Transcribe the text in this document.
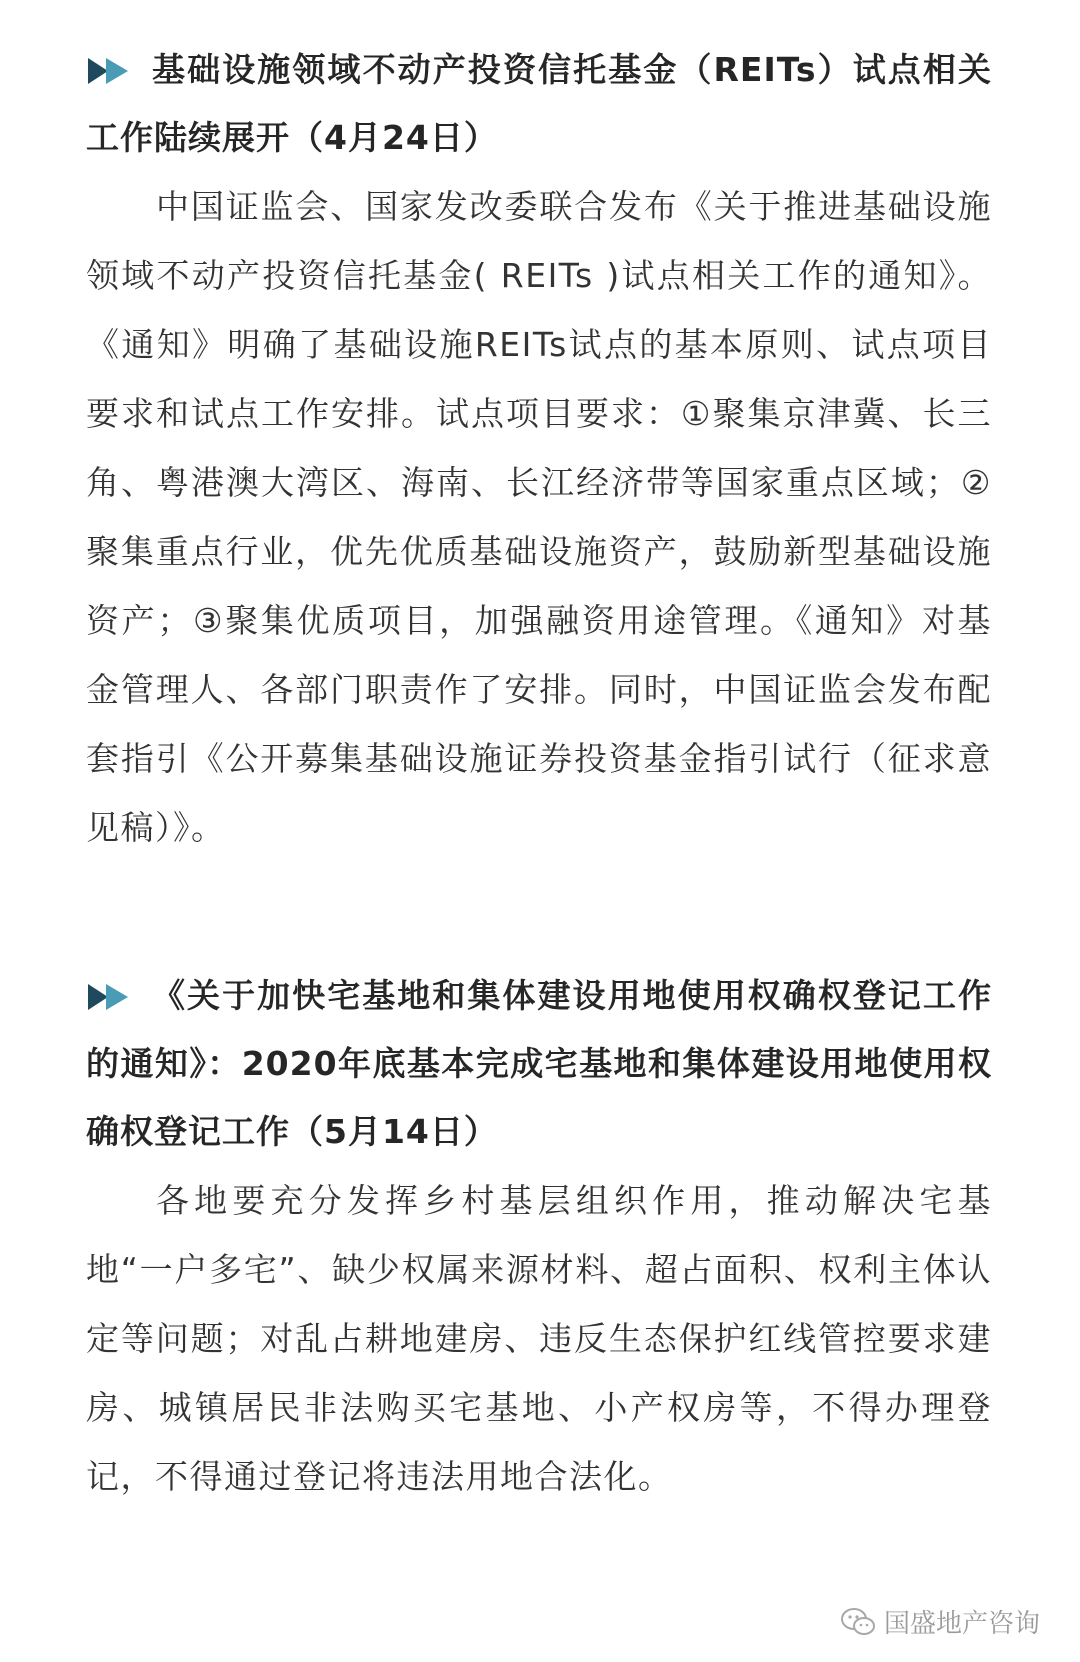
基础设施领域不动产投资信托基金（REITs）试点相关工作陆续展开（4月24日）

中国证监会、国家发改委联合发布《关于推进基础设施领域不动产投资信托基金( REITs )试点相关工作的通知》。《通知》明确了基础设施REITs试点的基本原则、试点项目要求和试点工作安排。试点项目要求：①聚集京津冀、长三角、粤港澳大湾区、海南、长江经济带等国家重点区域；②聚集重点行业，优先优质基础设施资产，鼓励新型基础设施资产；③聚集优质项目，加强融资用途管理。《通知》对基金管理人、各部门职责作了安排。同时，中国证监会发布配套指引《公开募集基础设施证券投资基金指引试行（征求意见稿）》。

《关于加快宅基地和集体建设用地使用权确权登记工作的通知》：2020年底基本完成宅基地和集体建设用地使用权确权登记工作（5月14日）

各地要充分发挥乡村基层组织作用，推动解决宅基地“一户多宅”、缺少权属来源材料、超占面积、权利主体认定等问题；对乱占耕地建房、违反生态保护红线管控要求建房、城镇居民非法购买宅基地、小产权房等，不得办理登记，不得通过登记将违法用地合法化。

国盛地产咨询
